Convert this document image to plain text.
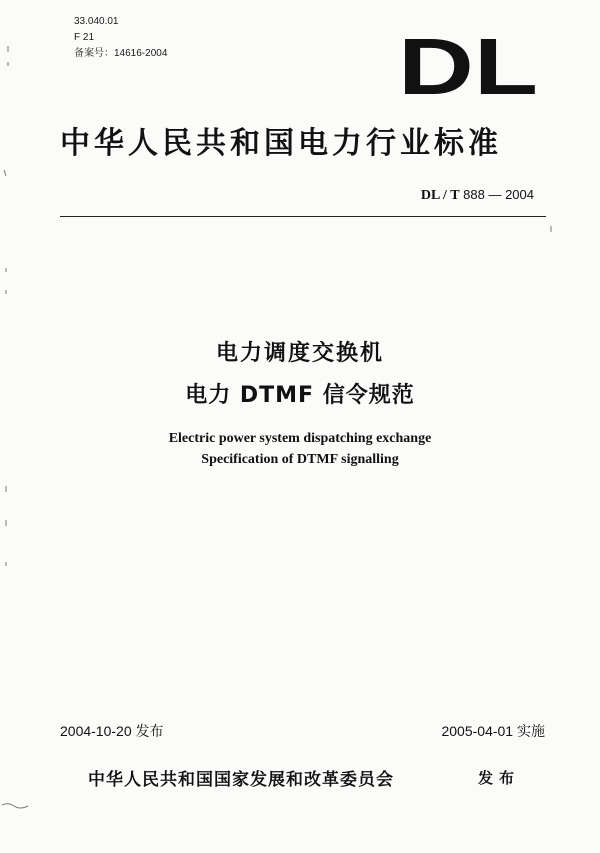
33.040.01
F 21
备案号：14616-2004	DL
中华人民共和国电力行业标准
DL / T 888 — 2004
电力调度交换机
电力 DTMF 信令规范
Electric power system dispatching exchange
Specification of DTMF signalling
2004-10-20 发布	2005-04-01 实施
中华人民共和国国家发展和改革委员会	发布
